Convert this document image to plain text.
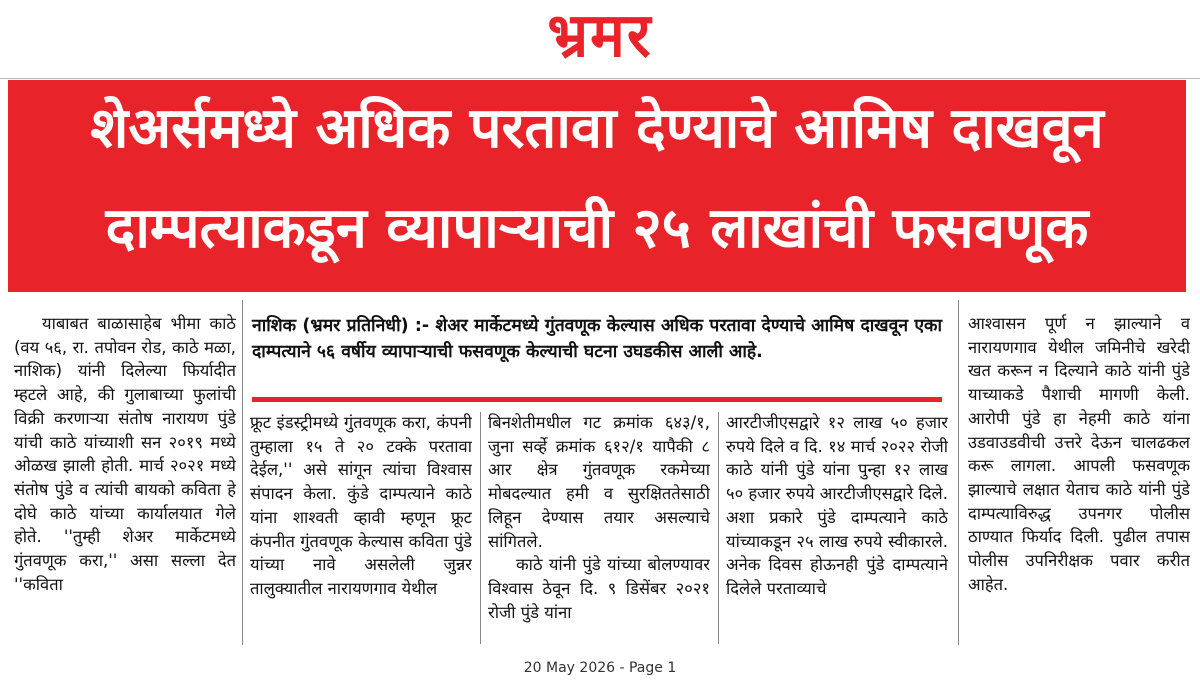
भ्रमर
शेअर्समध्ये अधिक परतावा देण्याचे आमिष दाखवून
दाम्पत्याकडून व्यापाऱ्याची २५ लाखांची फसवणूक

याबाबत बाळासाहेब भीमा काठे (वय ५६, रा. तपोवन रोड, काठे मळा, नाशिक) यांनी दिलेल्या फिर्यादीत म्हटले आहे, की गुलाबाच्या फुलांची विक्री करणाऱ्या संतोष नारायण पुंडे यांची काठे यांच्याशी सन २०१९ मध्ये ओळख झाली होती. मार्च २०२१ मध्ये संतोष पुंडे व त्यांची बायको कविता हे दोघे काठे यांच्या कार्यालयात गेले होते. ''तुम्ही शेअर मार्केटमध्ये गुंतवणूक करा,'' असा सल्ला देत ''कविता

नाशिक (भ्रमर प्रतिनिधी) :- शेअर मार्केटमध्ये गुंतवणूक केल्यास अधिक परतावा देण्याचे आमिष दाखवून एका दाम्पत्याने ५६ वर्षीय व्यापाऱ्याची फसवणूक केल्याची घटना उघडकीस आली आहे.

फ्रूट इंडस्ट्रीमध्ये गुंतवणूक करा, कंपनी तुम्हाला १५ ते २० टक्के परतावा देईल,'' असे सांगून त्यांचा विश्वास संपादन केला. कुंडे दाम्पत्याने काठे यांना शाश्वती व्हावी म्हणून फ्रूट कंपनीत गुंतवणूक केल्यास कविता पुंडे यांच्या नावे असलेली जुन्नर तालुक्यातील नारायणगाव येथील

बिनशेतीमधील गट क्रमांक ६४३/१, जुना सर्व्हे क्रमांक ६१२/१ यापैकी ८ आर क्षेत्र गुंतवणूक रकमेच्या मोबदल्यात हमी व सुरक्षिततेसाठी लिहून देण्यास तयार असल्याचे सांगितले.

काठे यांनी पुंडे यांच्या बोलण्यावर विश्वास ठेवून दि. ९ डिसेंबर २०२१ रोजी पुंडे यांना

आरटीजीएसद्वारे १२ लाख ५० हजार रुपये दिले व दि. १४ मार्च २०२२ रोजी काठे यांनी पुंडे यांना पुन्हा १२ लाख ५० हजार रुपये आरटीजीएसद्वारे दिले. अशा प्रकारे पुंडे दाम्पत्याने काठे यांच्याकडून २५ लाख रुपये स्वीकारले. अनेक दिवस होऊनही पुंडे दाम्पत्याने दिलेले परताव्याचे

आश्वासन पूर्ण न झाल्याने व नारायणगाव येथील जमिनीचे खरेदी खत करून न दिल्याने काठे यांनी पुंडे याच्याकडे पैशाची मागणी केली. आरोपी पुंडे हा नेहमी काठे यांना उडवाउडवीची उत्तरे देऊन चालढकल करू लागला. आपली फसवणूक झाल्याचे लक्षात येताच काठे यांनी पुंडे दाम्पत्याविरुद्ध उपनगर पोलीस ठाण्यात फिर्याद दिली. पुढील तपास पोलीस उपनिरीक्षक पवार करीत आहेत.

20 May 2026 - Page 1
